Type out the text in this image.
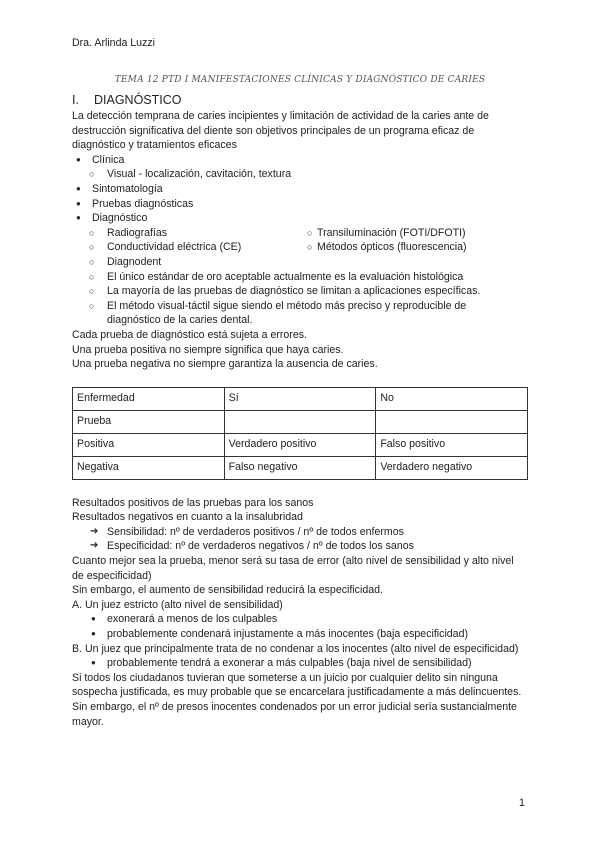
Dra. Arlinda Luzzi
TEMA 12 PTD I MANIFESTACIONES CLÍNICAS Y DIAGNÓSTICO DE CARIES
I.	DIAGNÓSTICO

La detección temprana de caries incipientes y limitación de actividad de la caries ante de destrucción significativa del diente son objetivos principales de un programa eficaz de diagnóstico y tratamientos eficaces

● Clínica
○ Visual - localización, cavitación, textura
● Sintomatología
● Pruebas diagnósticas
● Diagnóstico
○ Radiografías	○ Transiluminación (FOTI/DFOTI)
○ Conductividad eléctrica (CE)	○ Métodos ópticos (fluorescencia)
○ Diagnodent
○ El único estándar de oro aceptable actualmente es la evaluación histológica
○ La mayoría de las pruebas de diagnóstico se limitan a aplicaciones específicas.
○ El método visual-táctil sigue siendo el método más preciso y reproducible de diagnóstico de la caries dental.

Cada prueba de diagnóstico está sujeta a errores.

Una prueba positiva no siempre significa que haya caries.

Una prueba negativa no siempre garantiza la ausencia de caries.

Enfermedad	Sí	No
Prueba		
Positiva	Verdadero positivo	Falso positivo
Negativa	Falso negativo	Verdadero negativo

Resultados positivos de las pruebas para los sanos

Resultados negativos en cuanto a la insalubridad

➔ Sensibilidad: nº de verdaderos positivos / nº de todos enfermos
➔ Especificidad: nº de verdaderos negativos / nº de todos los sanos

Cuanto mejor sea la prueba, menor será su tasa de error (alto nivel de sensibilidad y alto nivel de especificidad)

Sin embargo, el aumento de sensibilidad reducirá la especificidad.

A. Un juez estricto (alto nivel de sensibilidad)

● exonerará a menos de los culpables
● probablemente condenará injustamente a más inocentes (baja especificidad)

B. Un juez que principalmente trata de no condenar a los inocentes (alto nivel de especificidad)

● probablemente tendrá a exonerar a más culpables (baja nivel de sensibilidad)

Si todos los ciudadanos tuvieran que someterse a un juicio por cualquier delito sin ninguna sospecha justificada, es muy probable que se encarcelara justificadamente a más delincuentes.

Sin embargo, el nº de presos inocentes condenados por un error judicial sería sustancialmente mayor.

1
